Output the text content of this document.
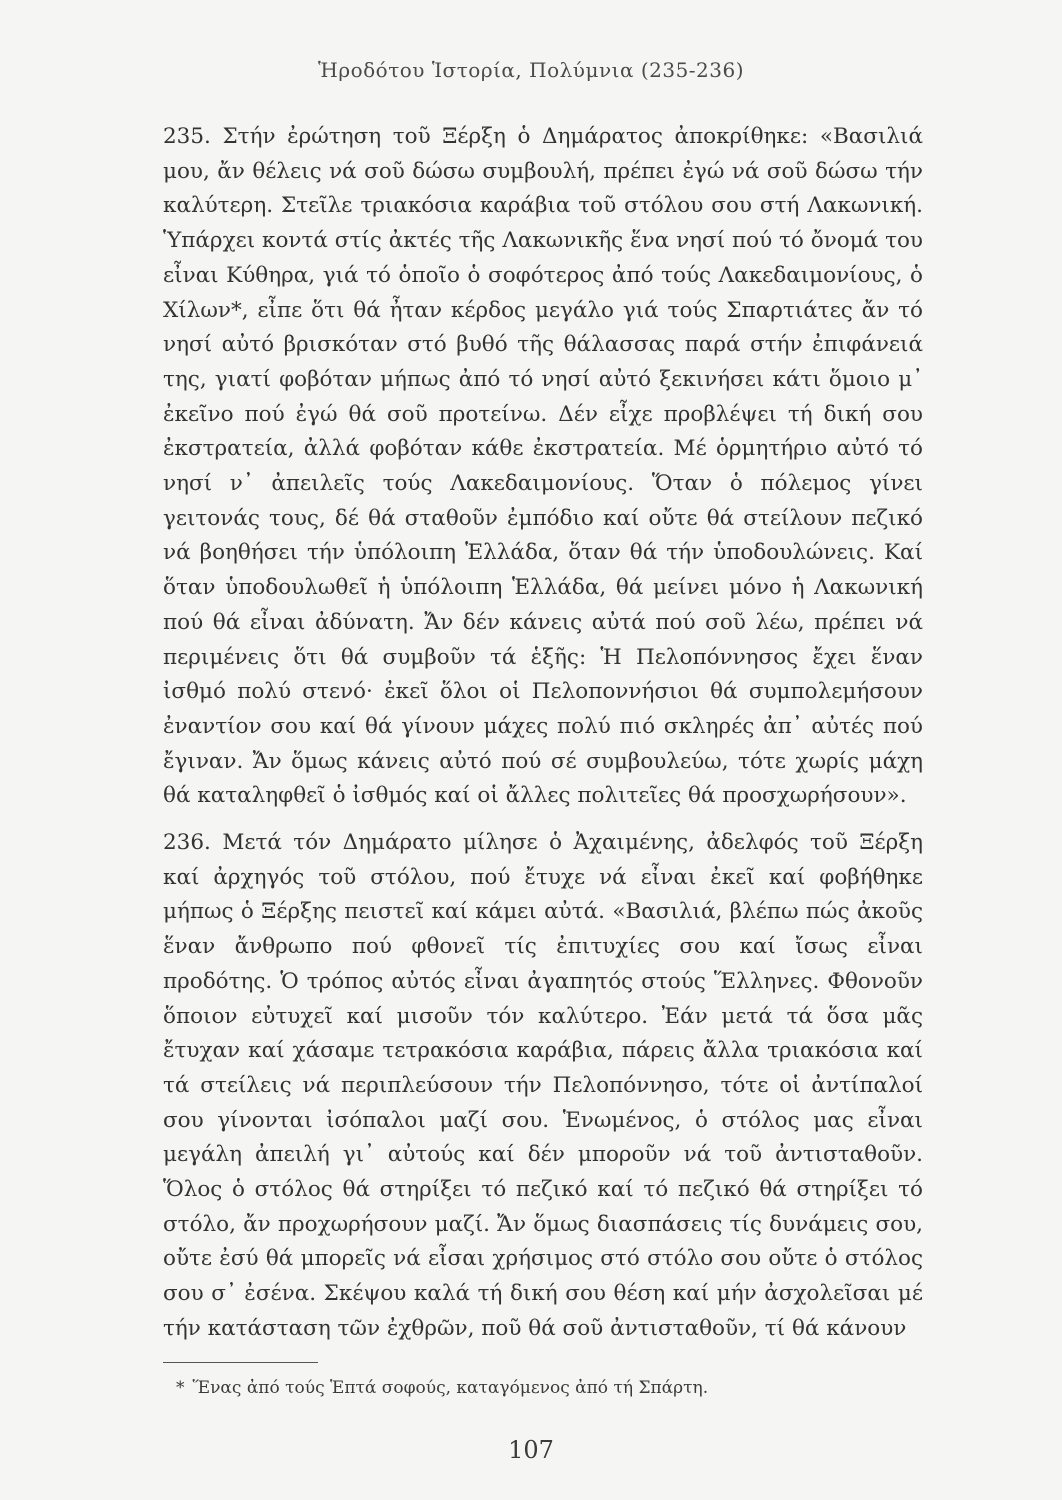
Ἡροδότου Ἱστορία, Πολύμνια (235-236)
235. Στήν ἐρώτηση τοῦ Ξέρξη ὁ Δημάρατος ἀποκρίθηκε: «Βασιλιά μου, ἄν θέλεις νά σοῦ δώσω συμβουλή, πρέπει ἐγώ νά σοῦ δώσω τήν καλύτερη. Στεῖλε τριακόσια καράβια τοῦ στόλου σου στή Λακωνική. Ὑπάρχει κοντά στίς ἀκτές τῆς Λακωνικῆς ἕνα νησί πού τό ὄνομά του εἶναι Κύθηρα, γιά τό ὁποῖο ὁ σοφότερος ἀπό τούς Λακεδαιμονίους, ὁ Χίλων*, εἶπε ὅτι θά ἦταν κέρδος μεγάλο γιά τούς Σπαρτιάτες ἄν τό νησί αὐτό βρισκόταν στό βυθό τῆς θάλασσας παρά στήν ἐπιφάνειά της, γιατί φοβόταν μήπως ἀπό τό νησί αὐτό ξεκινήσει κάτι ὅμοιο μ᾽ ἐκεῖνο πού ἐγώ θά σοῦ προτείνω. Δέν εἶχε προβλέψει τή δική σου ἐκστρατεία, ἀλλά φοβόταν κάθε ἐκστρατεία. Μέ ὁρμητήριο αὐτό τό νησί ν᾽ ἀπειλεῖς τούς Λακεδαιμονίους. Ὅταν ὁ πόλεμος γίνει γειτονάς τους, δέ θά σταθοῦν ἐμπόδιο καί οὔτε θά στείλουν πεζικό νά βοηθήσει τήν ὑπόλοιπη Ἑλλάδα, ὅταν θά τήν ὑποδουλώνεις. Καί ὅταν ὑποδουλωθεῖ ἡ ὑπόλοιπη Ἑλλάδα, θά μείνει μόνο ἡ Λακωνική πού θά εἶναι ἀδύνατη. Ἄν δέν κάνεις αὐτά πού σοῦ λέω, πρέπει νά περιμένεις ὅτι θά συμβοῦν τά ἑξῆς: Ἡ Πελοπόννησος ἔχει ἕναν ἰσθμό πολύ στενό· ἐκεῖ ὅλοι οἱ Πελοποννήσιοι θά συμπολεμήσουν ἐναντίον σου καί θά γίνουν μάχες πολύ πιό σκληρές ἀπ᾽ αὐτές πού ἔγιναν. Ἄν ὅμως κάνεις αὐτό πού σέ συμβουλεύω, τότε χωρίς μάχη θά καταληφθεῖ ὁ ἰσθμός καί οἱ ἄλλες πολιτεῖες θά προσχωρήσουν».
236. Μετά τόν Δημάρατο μίλησε ὁ Ἀχαιμένης, ἀδελφός τοῦ Ξέρξη καί ἀρχηγός τοῦ στόλου, πού ἔτυχε νά εἶναι ἐκεῖ καί φοβήθηκε μήπως ὁ Ξέρξης πειστεῖ καί κάμει αὐτά. «Βασιλιά, βλέπω πώς ἀκοῦς ἕναν ἄνθρωπο πού φθονεῖ τίς ἐπιτυχίες σου καί ἴσως εἶναι προδότης. Ὁ τρόπος αὐτός εἶναι ἀγαπητός στούς Ἕλληνες. Φθονοῦν ὅποιον εὐτυχεῖ καί μισοῦν τόν καλύτερο. Ἐάν μετά τά ὅσα μᾶς ἔτυχαν καί χάσαμε τετρακόσια καράβια, πάρεις ἄλλα τριακόσια καί τά στείλεις νά περιπλεύσουν τήν Πελοπόννησο, τότε οἱ ἀντίπαλοί σου γίνονται ἰσόπαλοι μαζί σου. Ἑνωμένος, ὁ στόλος μας εἶναι μεγάλη ἀπειλή γι᾽ αὐτούς καί δέν μποροῦν νά τοῦ ἀντισταθοῦν. Ὅλος ὁ στόλος θά στηρίξει τό πεζικό καί τό πεζικό θά στηρίξει τό στόλο, ἄν προχωρήσουν μαζί. Ἄν ὅμως διασπάσεις τίς δυνάμεις σου, οὔτε ἐσύ θά μπορεῖς νά εἶσαι χρήσιμος στό στόλο σου οὔτε ὁ στόλος σου σ᾽ ἐσένα. Σκέψου καλά τή δική σου θέση καί μήν ἀσχολεῖσαι μέ τήν κατάσταση τῶν ἐχθρῶν, ποῦ θά σοῦ ἀντισταθοῦν, τί θά κάνουν
* Ἕνας ἀπό τούς Ἑπτά σοφούς, καταγόμενος ἀπό τή Σπάρτη.
107
